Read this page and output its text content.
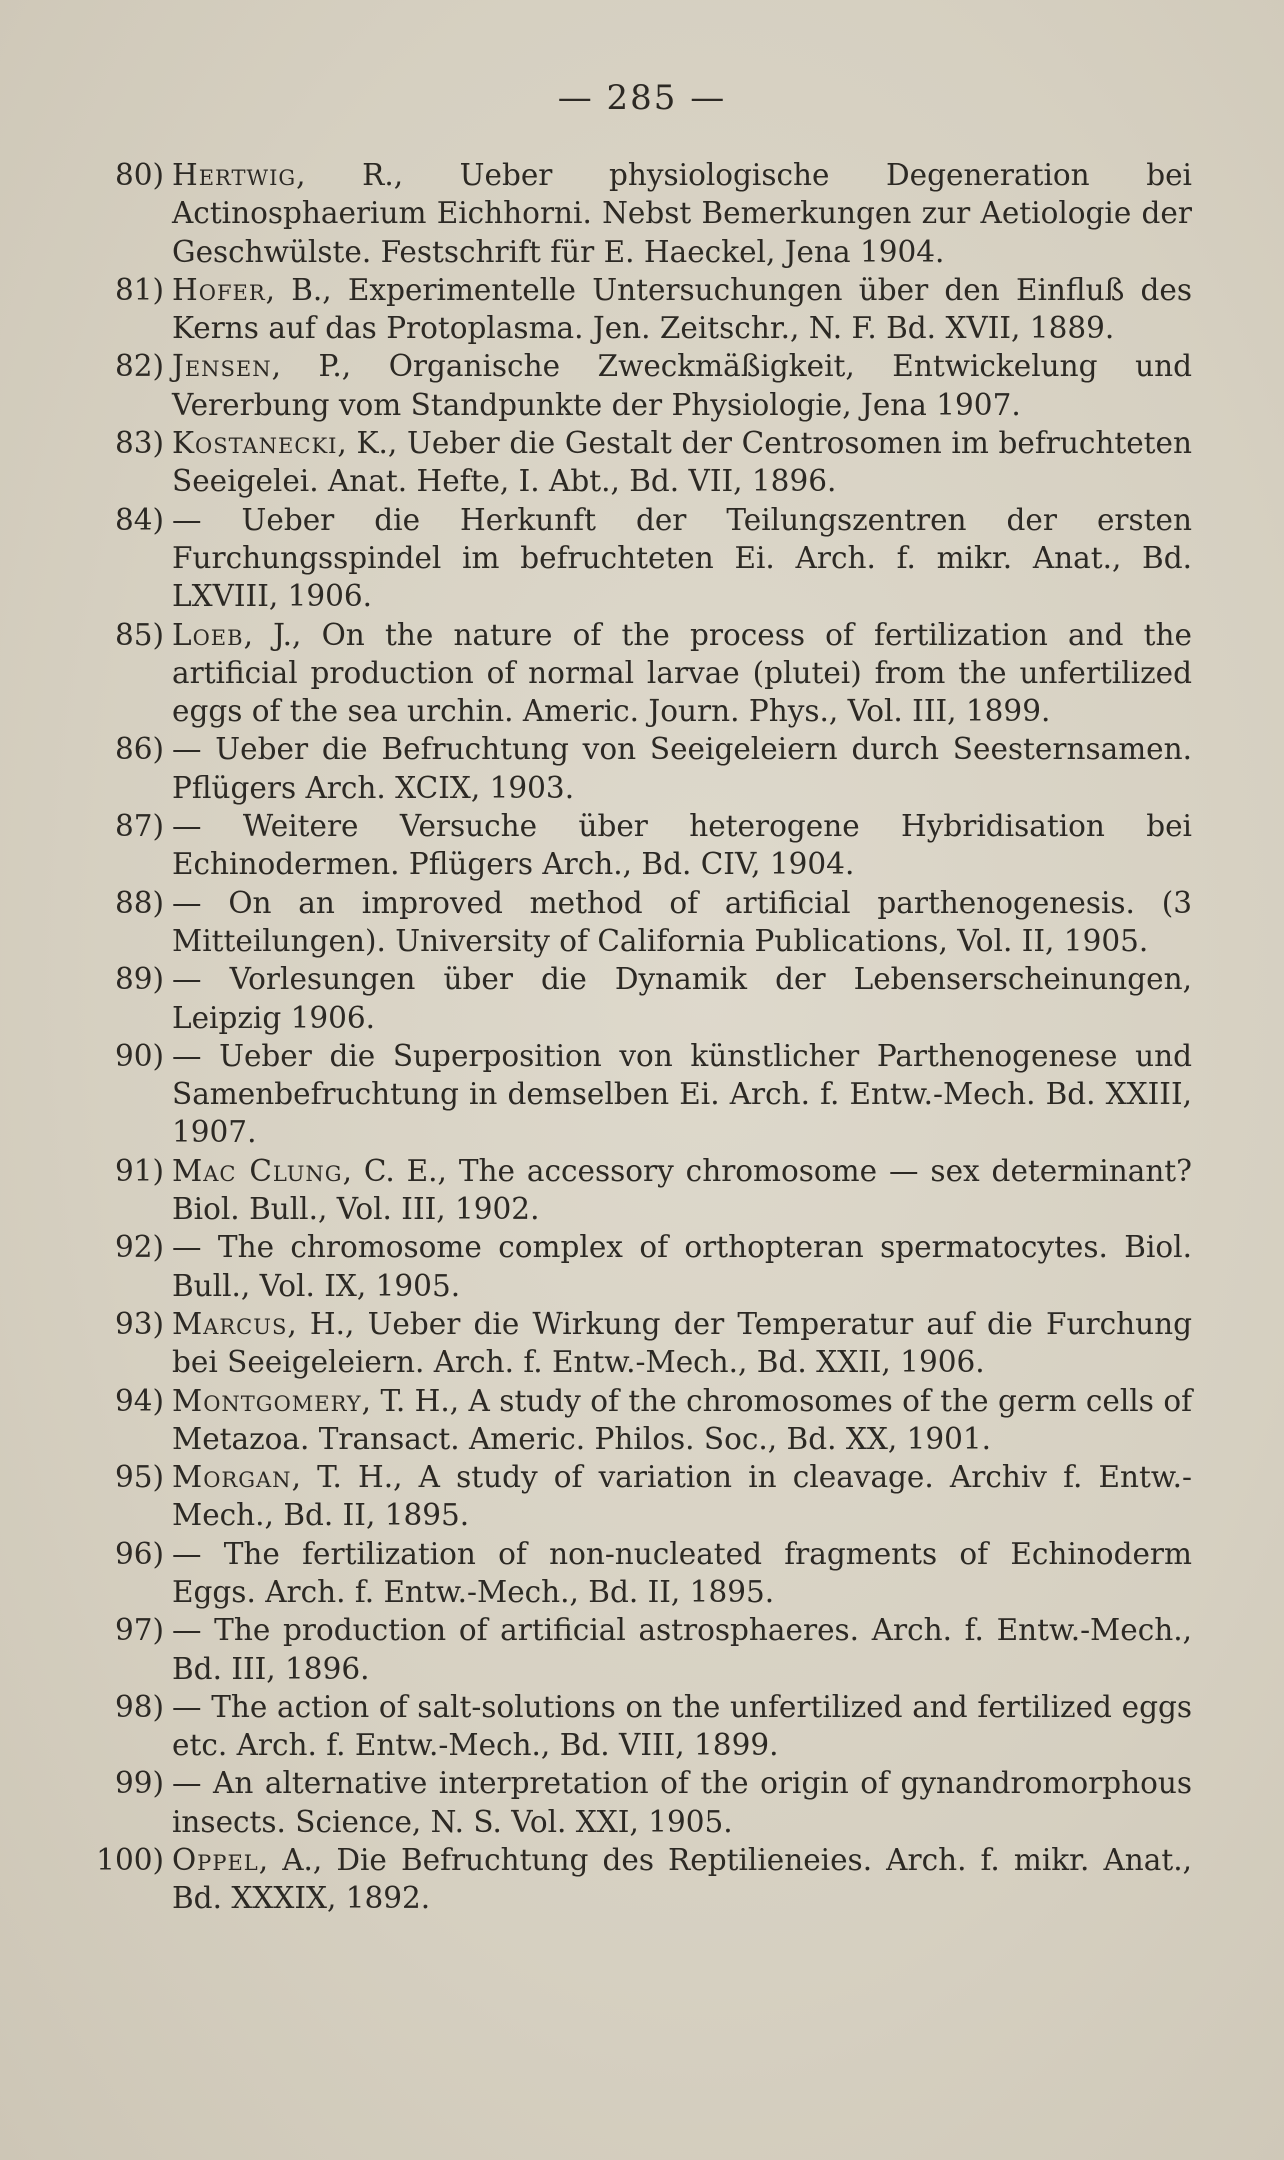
— 285 —

80) Hertwig, R., Ueber physiologische Degeneration bei Actinosphaerium Eichhorni. Nebst Bemerkungen zur Aetiologie der Geschwülste. Festschrift für E. Haeckel, Jena 1904.

81) Hofer, B., Experimentelle Untersuchungen über den Einfluß des Kerns auf das Protoplasma. Jen. Zeitschr., N. F. Bd. XVII, 1889.

82) Jensen, P., Organische Zweckmäßigkeit, Entwickelung und Vererbung vom Standpunkte der Physiologie, Jena 1907.

83) Kostanecki, K., Ueber die Gestalt der Centrosomen im befruchteten Seeigelei. Anat. Hefte, I. Abt., Bd. VII, 1896.

84) — Ueber die Herkunft der Teilungszentren der ersten Furchungsspindel im befruchteten Ei. Arch. f. mikr. Anat., Bd. LXVIII, 1906.

85) Loeb, J., On the nature of the process of fertilization and the artificial production of normal larvae (plutei) from the unfertilized eggs of the sea urchin. Americ. Journ. Phys., Vol. III, 1899.

86) — Ueber die Befruchtung von Seeigeleiern durch Seesternsamen. Pflügers Arch. XCIX, 1903.

87) — Weitere Versuche über heterogene Hybridisation bei Echinodermen. Pflügers Arch., Bd. CIV, 1904.

88) — On an improved method of artificial parthenogenesis. (3 Mitteilungen). University of California Publications, Vol. II, 1905.

89) — Vorlesungen über die Dynamik der Lebenserscheinungen, Leipzig 1906.

90) — Ueber die Superposition von künstlicher Parthenogenese und Samenbefruchtung in demselben Ei. Arch. f. Entw.-Mech. Bd. XXIII, 1907.

91) Mac Clung, C. E., The accessory chromosome — sex determinant? Biol. Bull., Vol. III, 1902.

92) — The chromosome complex of orthopteran spermatocytes. Biol. Bull., Vol. IX, 1905.

93) Marcus, H., Ueber die Wirkung der Temperatur auf die Furchung bei Seeigeleiern. Arch. f. Entw.-Mech., Bd. XXII, 1906.

94) Montgomery, T. H., A study of the chromosomes of the germ cells of Metazoa. Transact. Americ. Philos. Soc., Bd. XX, 1901.

95) Morgan, T. H., A study of variation in cleavage. Archiv f. Entw.-Mech., Bd. II, 1895.

96) — The fertilization of non-nucleated fragments of Echinoderm Eggs. Arch. f. Entw.-Mech., Bd. II, 1895.

97) — The production of artificial astrosphaeres. Arch. f. Entw.-Mech., Bd. III, 1896.

98) — The action of salt-solutions on the unfertilized and fertilized eggs etc. Arch. f. Entw.-Mech., Bd. VIII, 1899.

99) — An alternative interpretation of the origin of gynandromorphous insects. Science, N. S. Vol. XXI, 1905.

100) Oppel, A., Die Befruchtung des Reptilieneies. Arch. f. mikr. Anat., Bd. XXXIX, 1892.
